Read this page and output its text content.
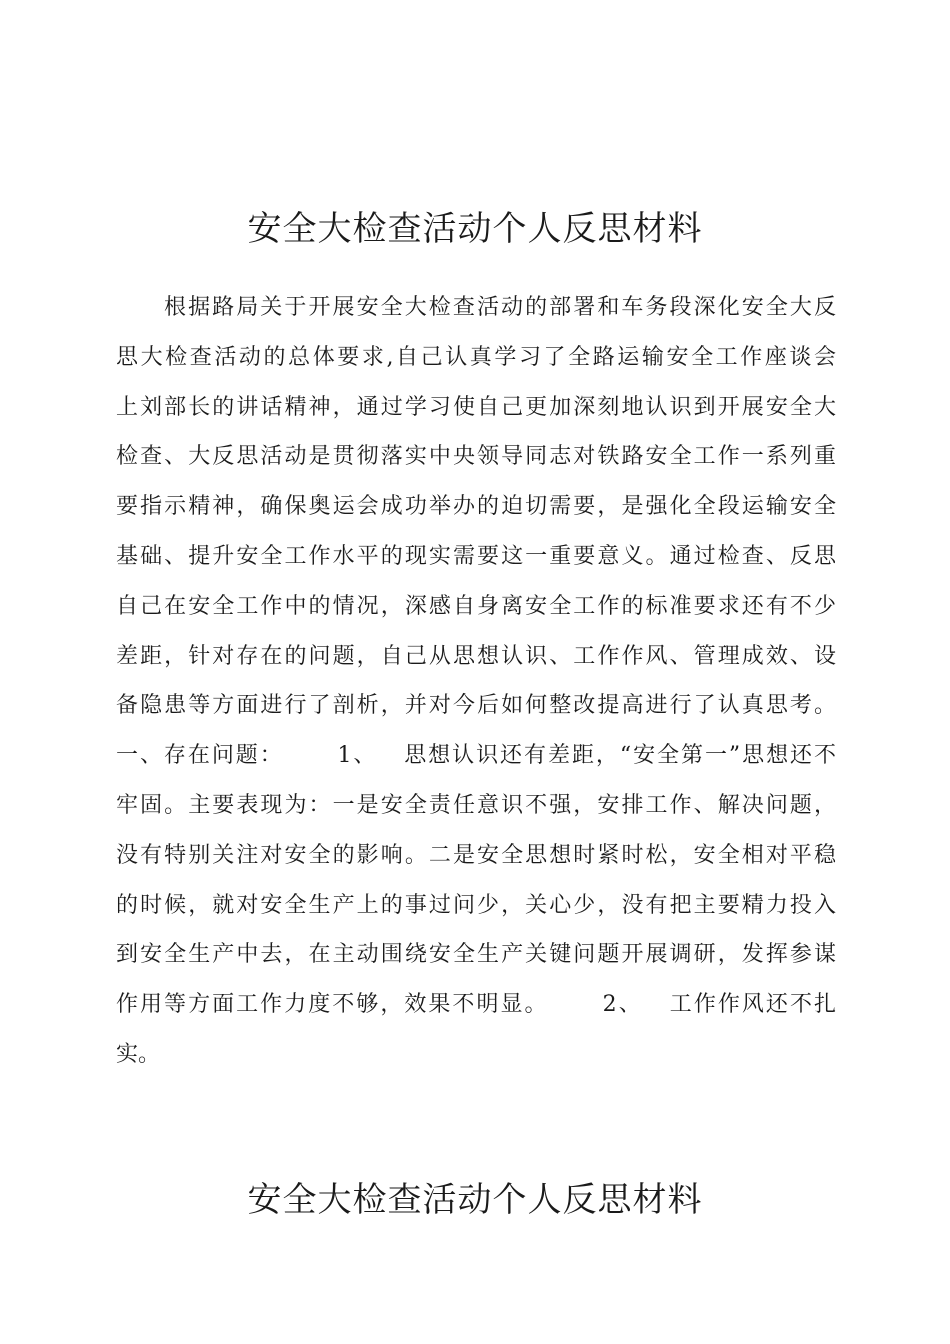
安全大检查活动个人反思材料
根据路局关于开展安全大检查活动的部署和车务段深化安全大反
思大检查活动的总体要求,自己认真学习了全路运输安全工作座谈会
上刘部长的讲话精神，通过学习使自己更加深刻地认识到开展安全大
检查、大反思活动是贯彻落实中央领导同志对铁路安全工作一系列重
要指示精神，确保奥运会成功举办的迫切需要，是强化全段运输安全
基础、提升安全工作水平的现实需要这一重要意义。通过检查、反思
自己在安全工作中的情况，深感自身离安全工作的标准要求还有不少
差距，针对存在的问题，自己从思想认识、工作作风、管理成效、设
备隐患等方面进行了剖析，并对今后如何整改提高进行了认真思考。
一、存在问题：      1、   思想认识还有差距，“安全第一”思想还不
牢固。主要表现为：一是安全责任意识不强，安排工作、解决问题，
没有特别关注对安全的影响。二是安全思想时紧时松，安全相对平稳
的时候，就对安全生产上的事过问少，关心少，没有把主要精力投入
到安全生产中去，在主动围绕安全生产关键问题开展调研，发挥参谋
作用等方面工作力度不够，效果不明显。      2、   工作作风还不扎
实。
安全大检查活动个人反思材料
